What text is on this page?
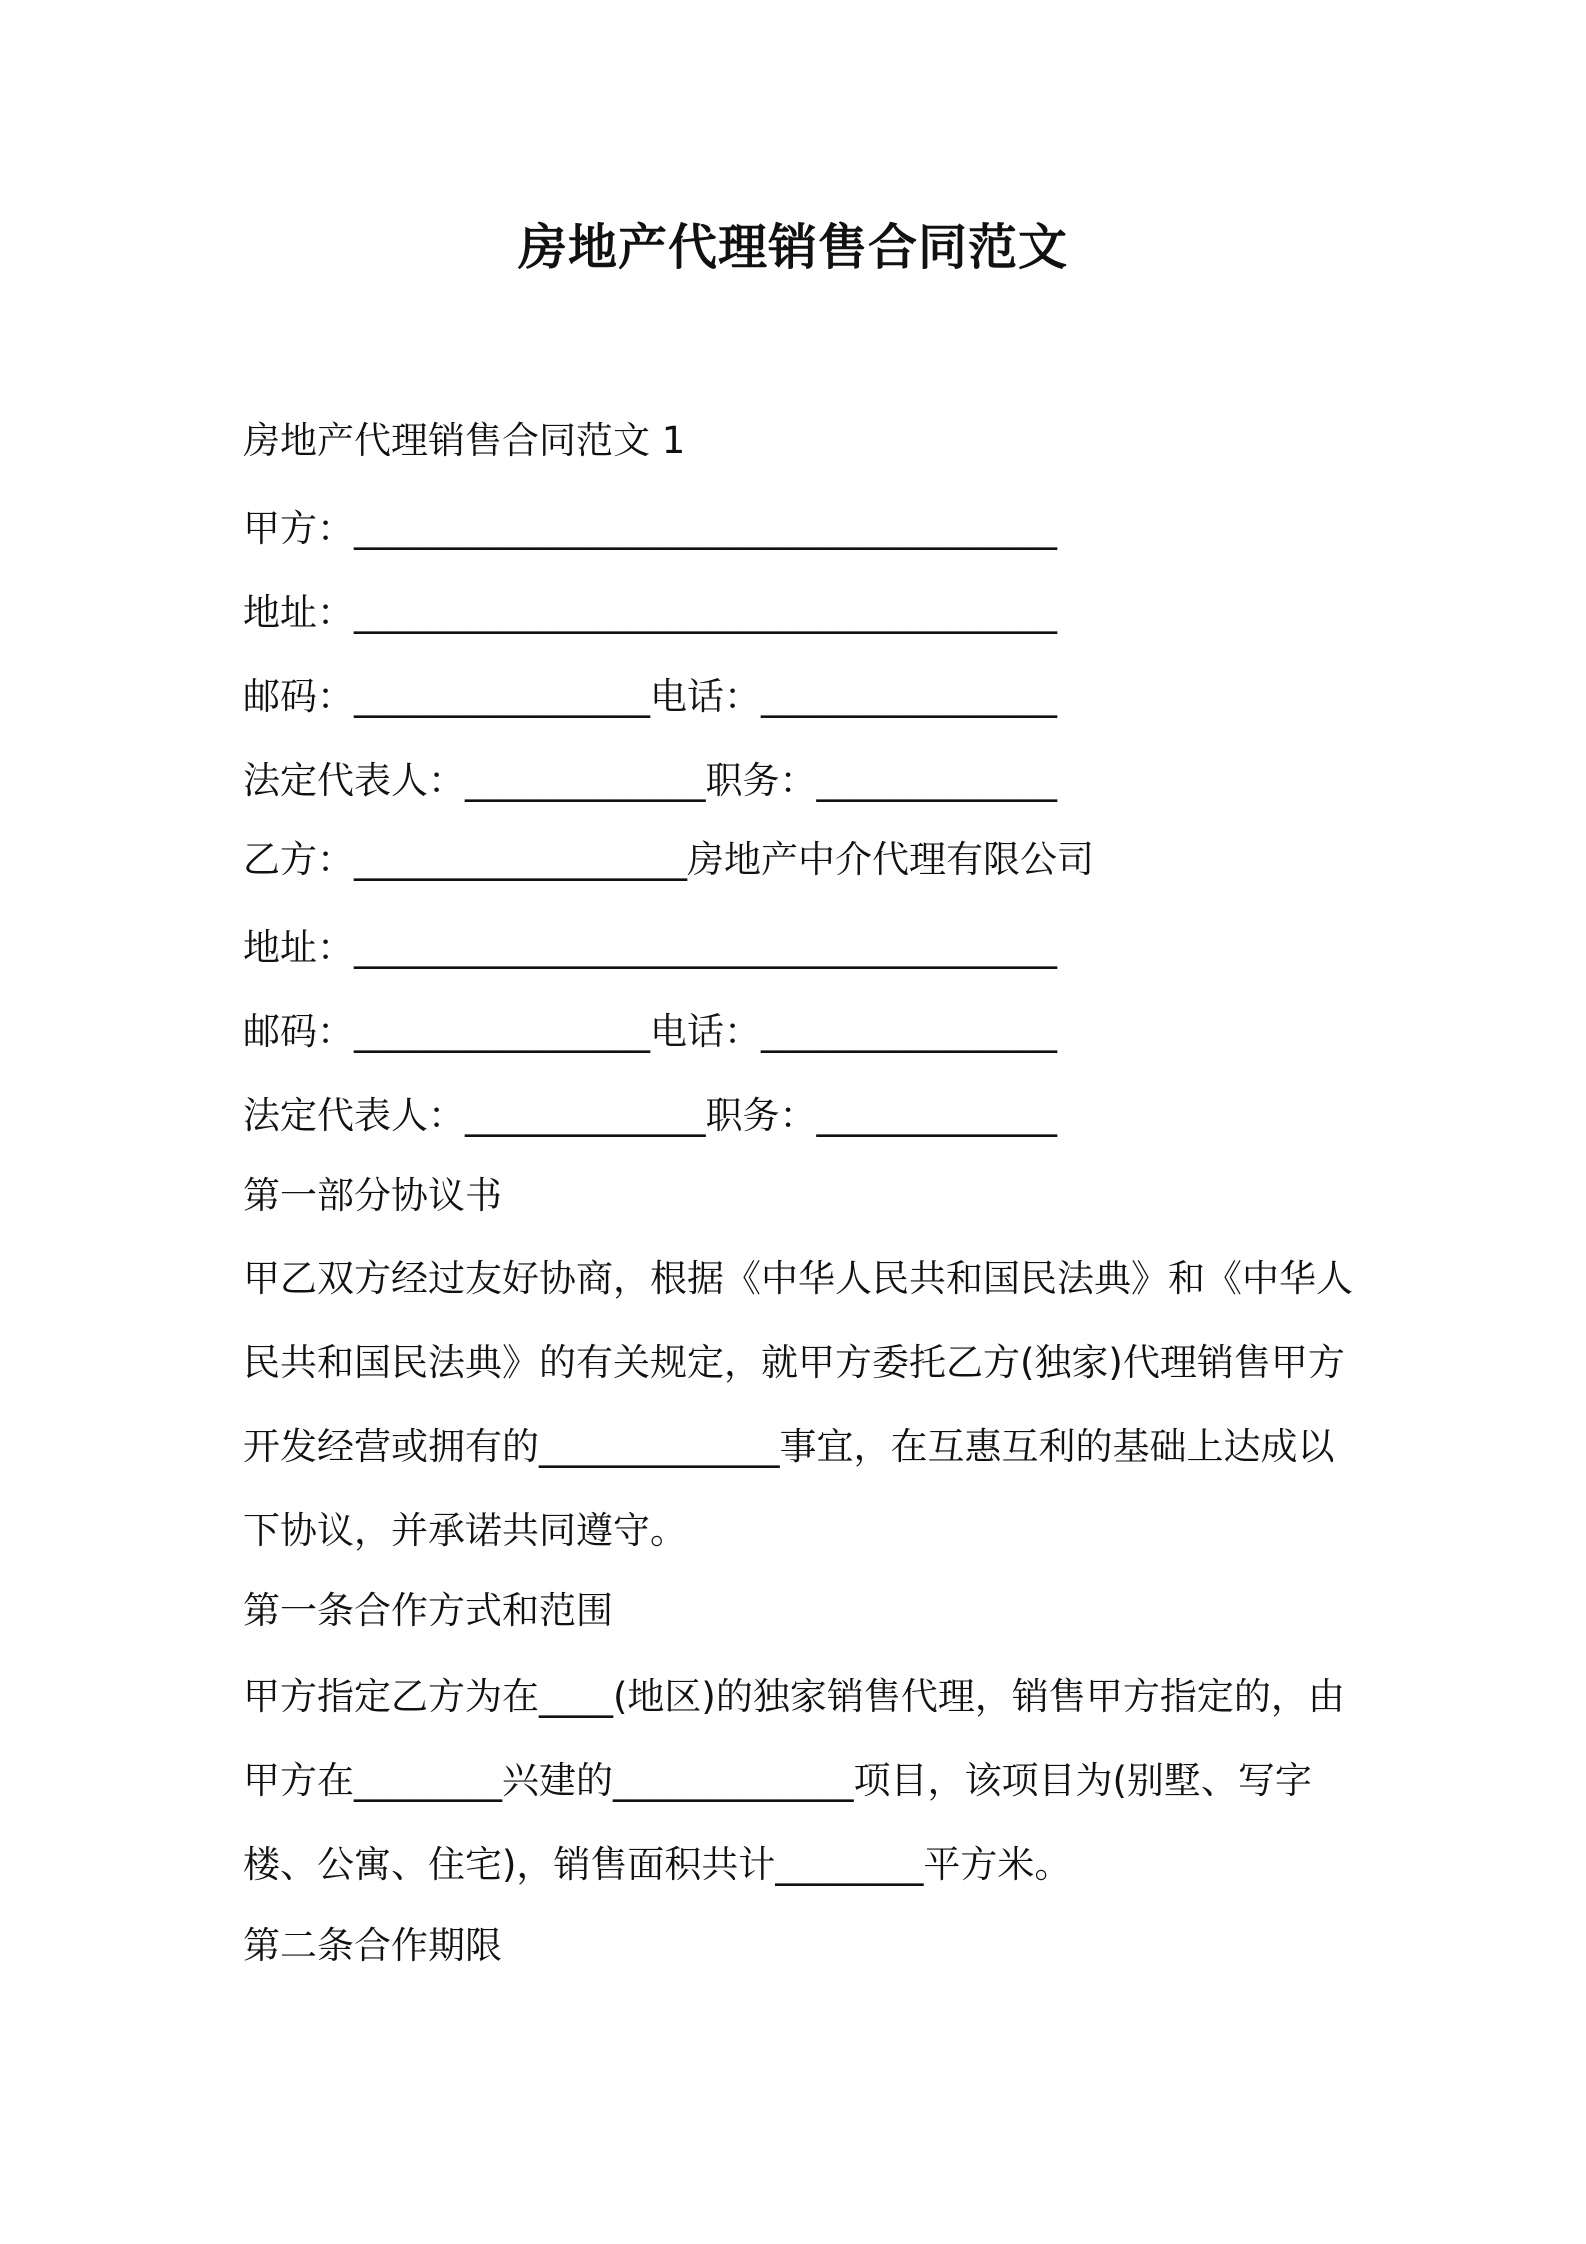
房地产代理销售合同范文
房地产代理销售合同范文 1
甲方：______________________________________
地址：______________________________________
邮码：________________电话：________________
法定代表人：_____________职务：_____________
乙方：__________________房地产中介代理有限公司
地址：______________________________________
邮码：________________电话：________________
法定代表人：_____________职务：_____________
第一部分协议书
甲乙双方经过友好协商，根据《中华人民共和国民法典》和《中华人民共和国民法典》的有关规定，就甲方委托乙方(独家)代理销售甲方开发经营或拥有的_____________事宜，在互惠互利的基础上达成以下协议，并承诺共同遵守。
第一条合作方式和范围
甲方指定乙方为在____(地区)的独家销售代理，销售甲方指定的，由甲方在________兴建的_____________项目，该项目为(别墅、写字楼、公寓、住宅)，销售面积共计________平方米。
第二条合作期限
